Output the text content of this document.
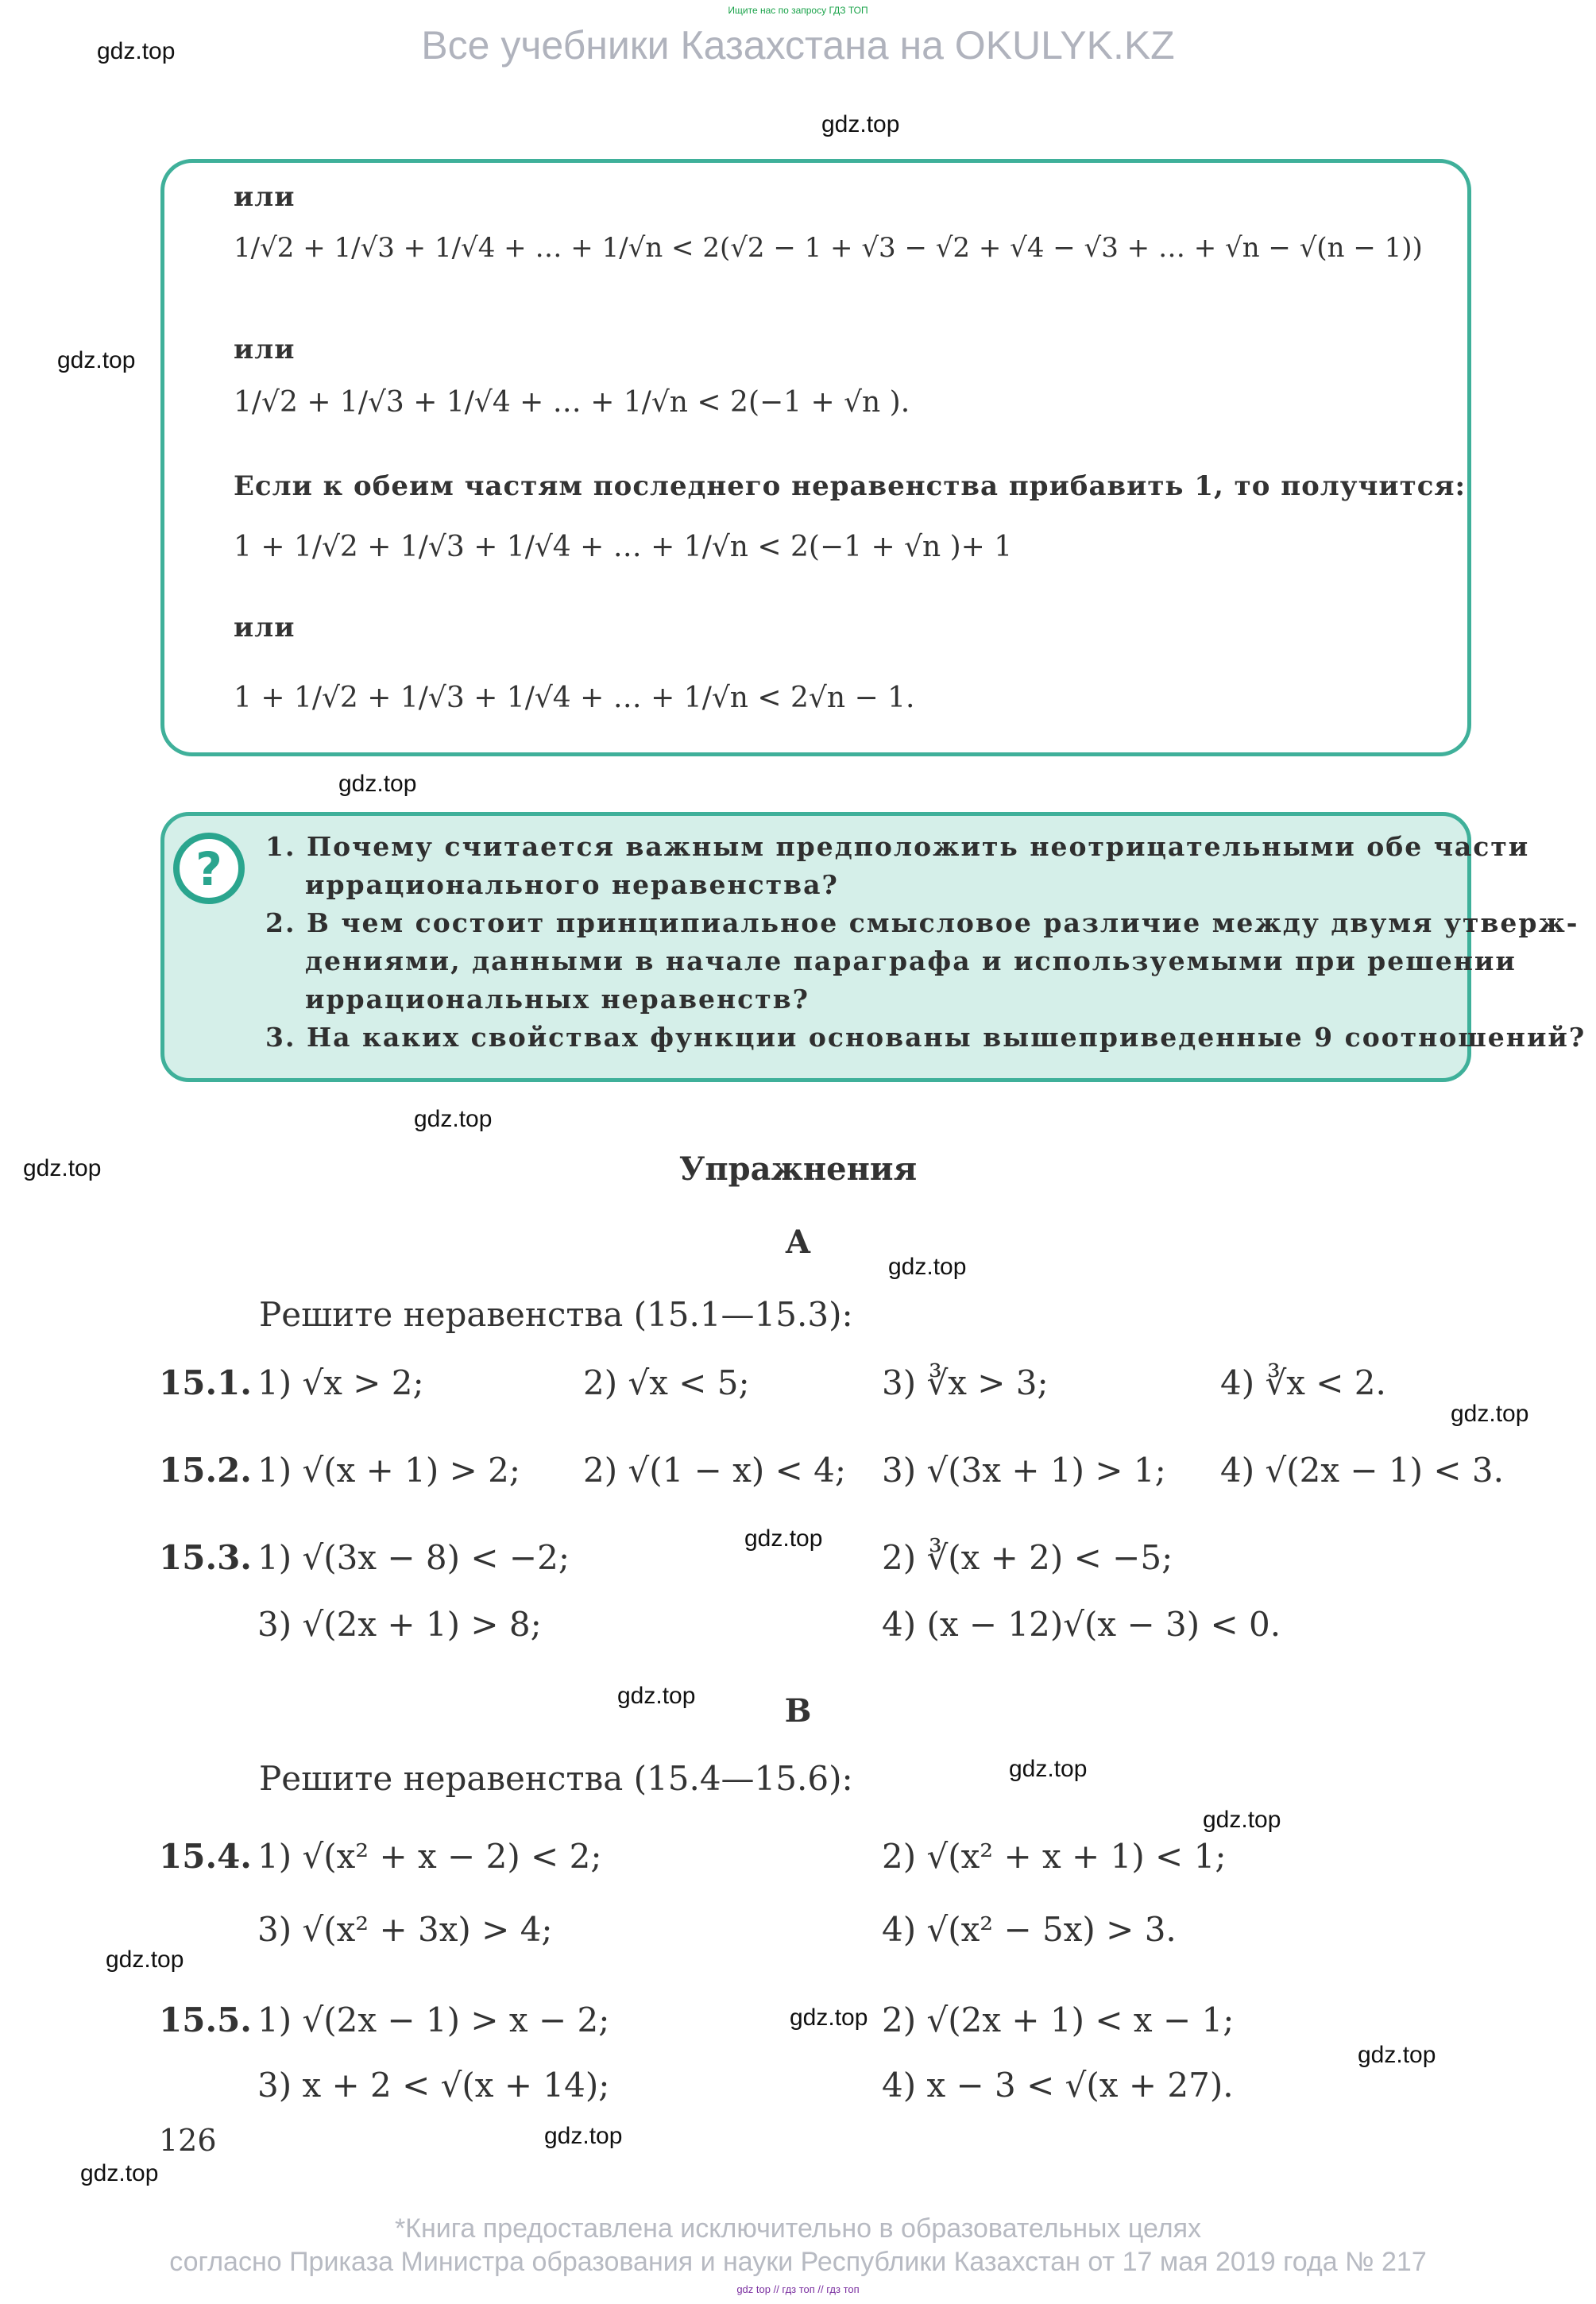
Ищите нас по запросу ГДЗ ТОП
Все учебники Казахстана на OKULYK.KZ
gdz.top
gdz.top
gdz.top
gdz.top
gdz.top
gdz.top
gdz.top
gdz.top
gdz.top
gdz.top
gdz.top
gdz.top
gdz.top
gdz.top
gdz.top
gdz.top
gdz.top
или
1/√2 + 1/√3 + 1/√4 + … + 1/√n < 2(√2 − 1 + √3 − √2 + √4 − √3 + … + √n − √(n − 1))
или
1/√2 + 1/√3 + 1/√4 + … + 1/√n < 2(−1 + √n ).
Если к обеим частям последнего неравенства прибавить 1, то получится:
1 + 1/√2 + 1/√3 + 1/√4 + … + 1/√n < 2(−1 + √n )+ 1
или
1 + 1/√2 + 1/√3 + 1/√4 + … + 1/√n < 2√n − 1.
?	1. Почему считается важным предположить неотрицательными обе части
иррационального неравенства?
2. В чем состоит принципиальное смысловое различие между двумя утверж-
дениями, данными в начале параграфа и используемыми при решении
иррациональных неравенств?
3. На каких свойствах функции основаны вышеприведенные 9 соотношений?
Упражнения
А
Решите неравенства (15.1—15.3):
15.1. 1) √x > 2;	2) √x < 5;	3) ∛x > 3;	4) ∛x < 2.
15.2. 1) √(x + 1) > 2; 2) √(1 − x) < 4; 3) √(3x + 1) > 1; 4) √(2x − 1) < 3.
15.3. 1) √(3x − 8) < −2;	2) ∛(x + 2) < −5;
3) √(2x + 1) > 8;	4) (x − 12)√(x − 3) < 0.
В
Решите неравенства (15.4—15.6):
15.4. 1) √(x² + x − 2) < 2;	2) √(x² + x + 1) < 1;
3) √(x² + 3x) > 4;	4) √(x² − 5x) > 3.
15.5. 1) √(2x − 1) > x − 2;	2) √(2x + 1) < x − 1;
3) x + 2 < √(x + 14);	4) x − 3 < √(x + 27).
126
*Книга предоставлена исключительно в образовательных целях
согласно Приказа Министра образования и науки Республики Казахстан от 17 мая 2019 года № 217
gdz top // гдз топ // гдз топ
